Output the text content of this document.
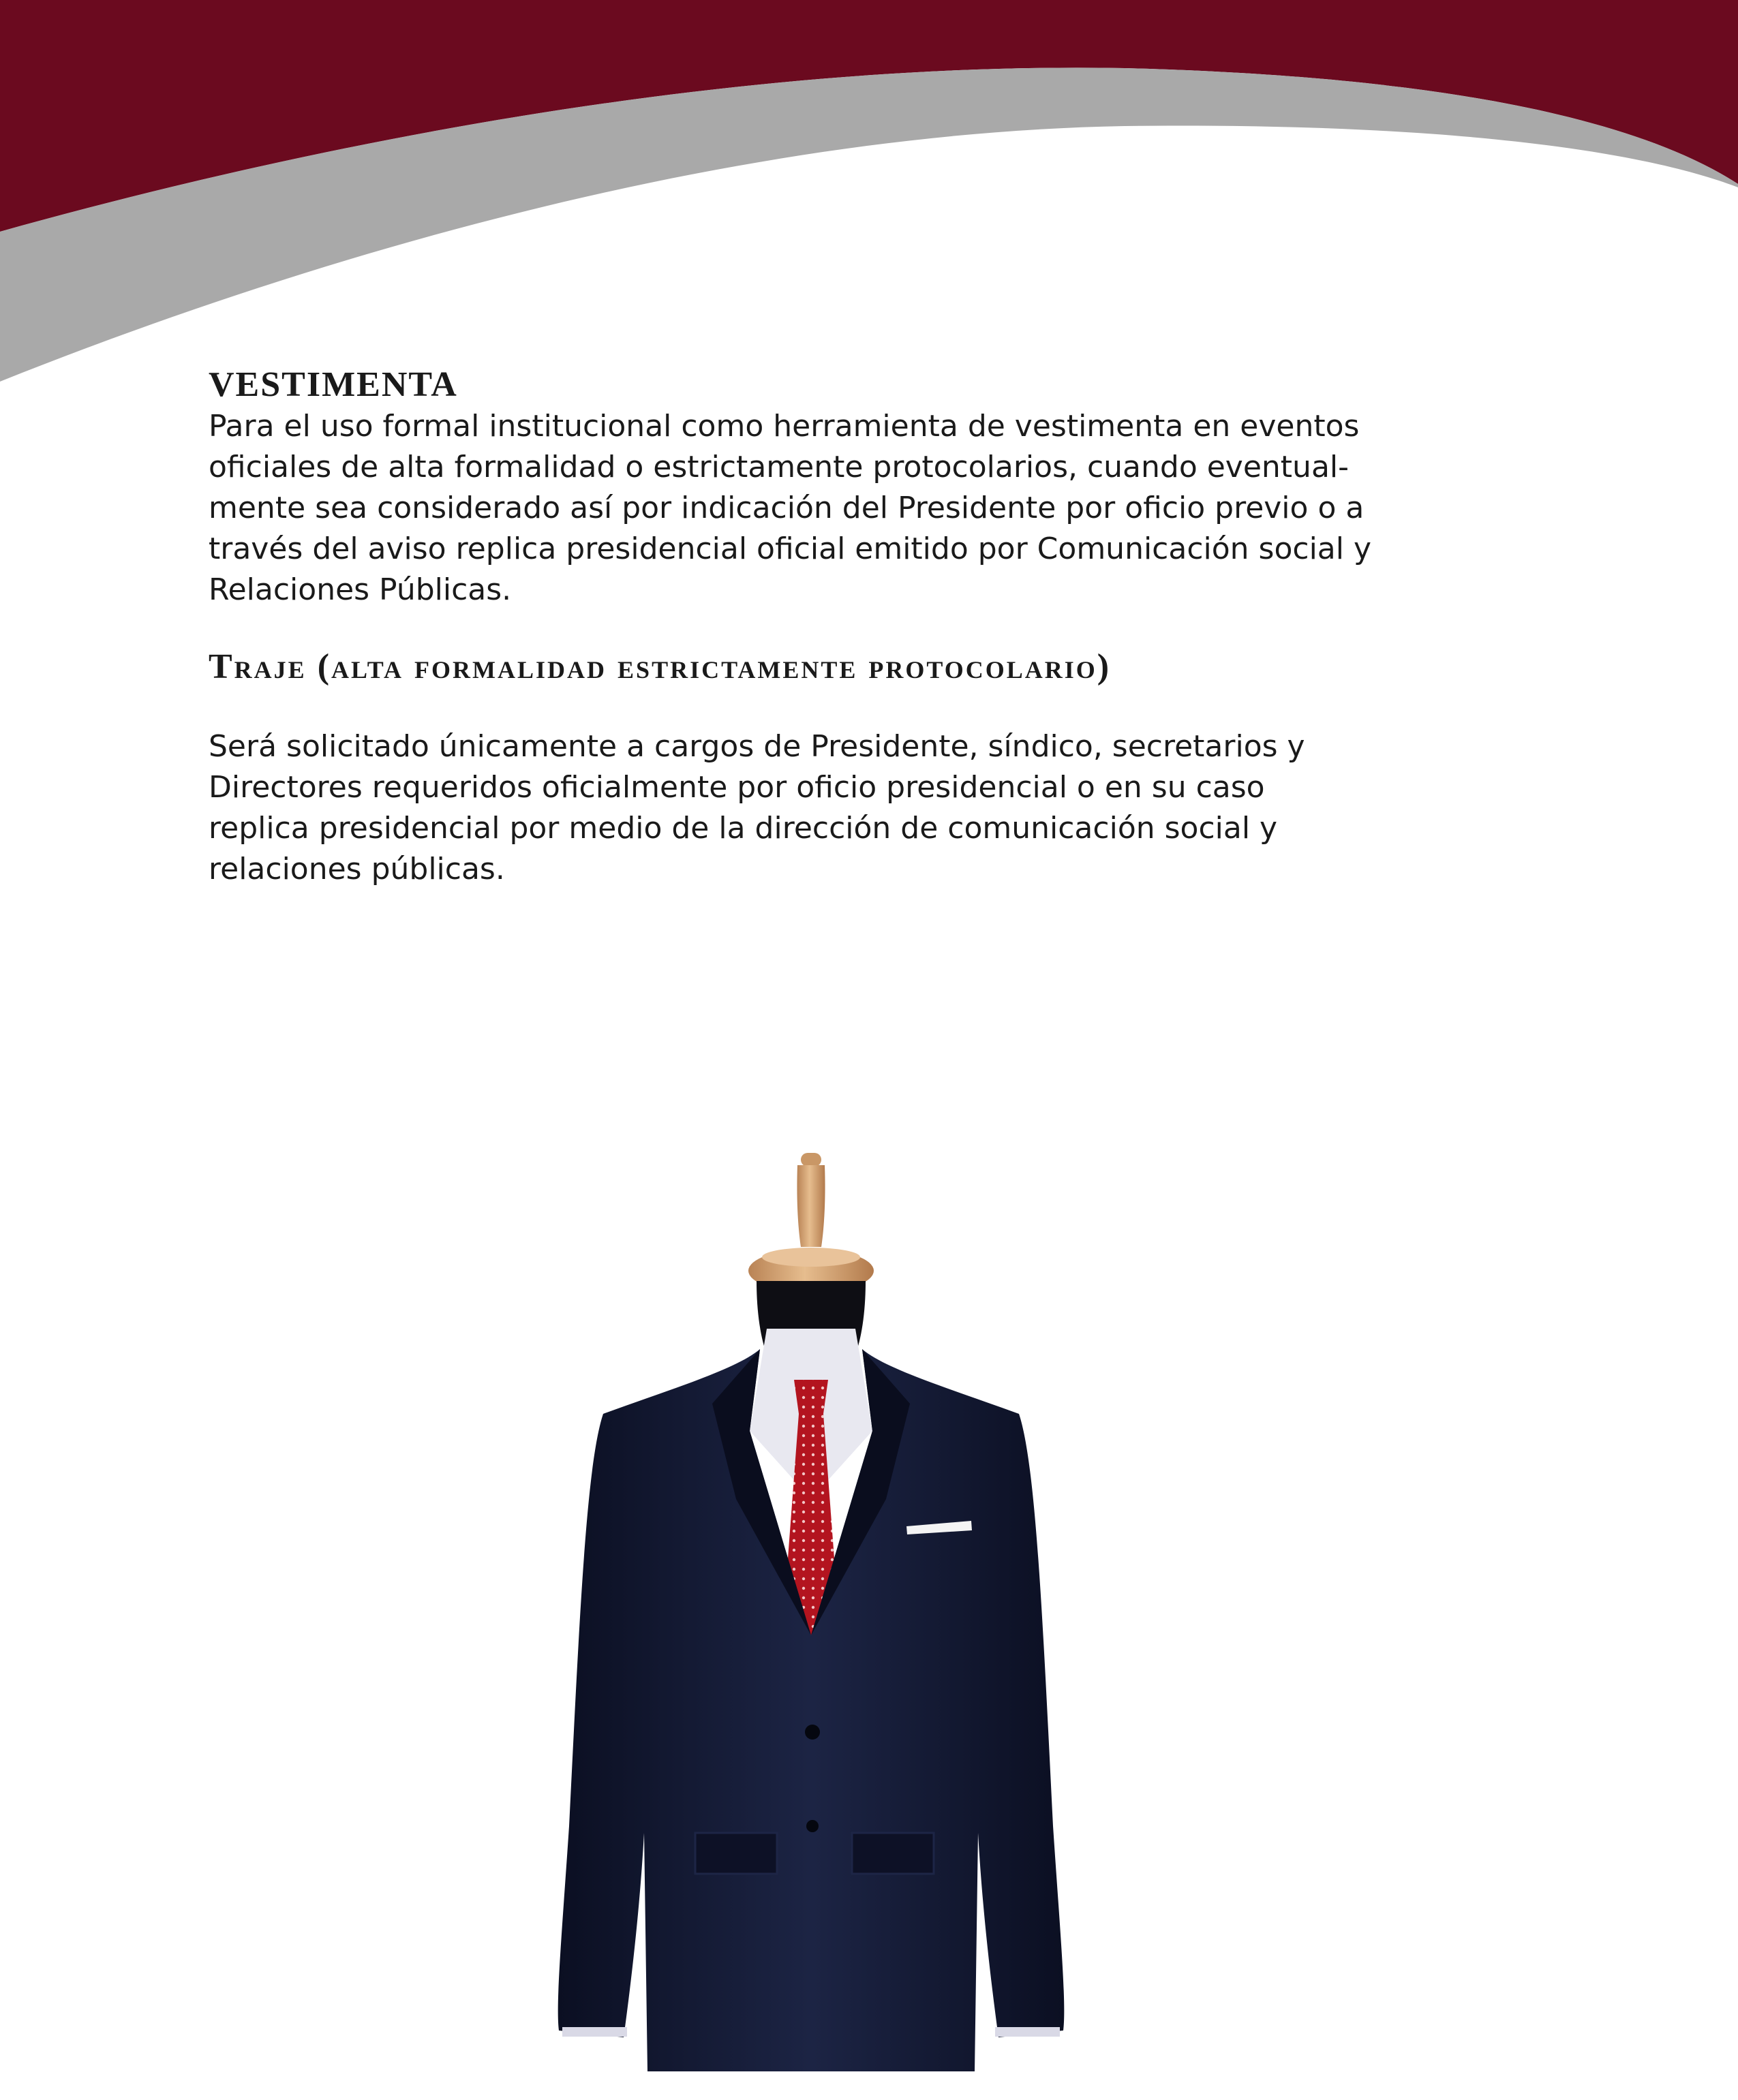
VESTIMENTA

Para el uso formal institucional como herramienta de vestimenta en eventos
oficiales de alta formalidad o estrictamente protocolarios, cuando eventual-
mente sea considerado así por indicación del Presidente por oficio previo o a
través del aviso replica presidencial oficial emitido por Comunicación social y
Relaciones Públicas.

Traje (alta formalidad estrictamente protocolario)

Será solicitado únicamente a cargos de Presidente, síndico, secretarios y
Directores requeridos oficialmente por oficio presidencial o en su caso
replica presidencial por medio de la dirección de comunicación social y
relaciones públicas.
